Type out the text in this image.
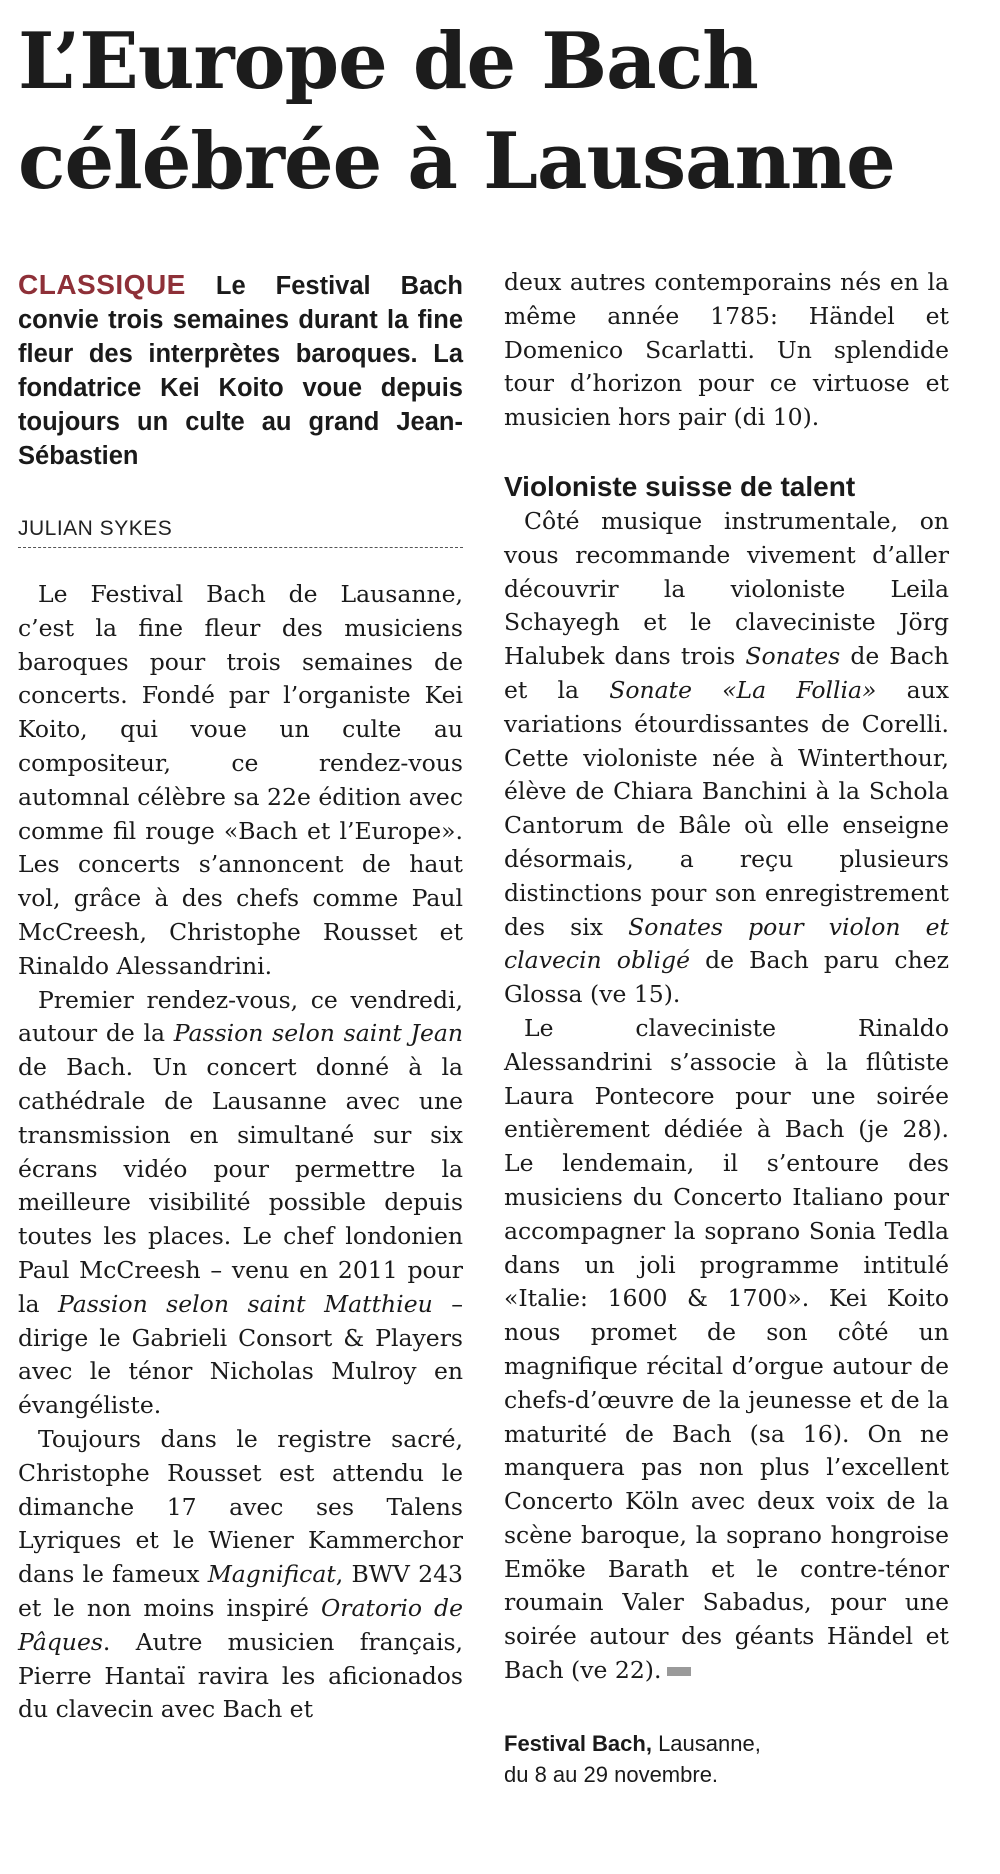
L’Europe de Bach
célébrée à Lausanne

CLASSIQUE Le Festival Bach convie trois semaines durant la fine fleur des interprètes baroques. La fondatrice Kei Koito voue depuis toujours un culte au grand Jean-Sébastien

JULIAN SYKES

Le Festival Bach de Lausanne, c’est la fine fleur des musiciens baroques pour trois semaines de concerts. Fondé par l’organiste Kei Koito, qui voue un culte au compositeur, ce rendez-vous automnal célèbre sa 22e édition avec comme fil rouge «Bach et l’Europe». Les concerts s’annoncent de haut vol, grâce à des chefs comme Paul McCreesh, Christophe Rousset et Rinaldo Alessandrini.

Premier rendez-vous, ce vendredi, autour de la Passion selon saint Jean de Bach. Un concert donné à la cathédrale de Lausanne avec une transmission en simultané sur six écrans vidéo pour permettre la meilleure visibilité possible depuis toutes les places. Le chef londonien Paul McCreesh – venu en 2011 pour la Passion selon saint Matthieu – dirige le Gabrieli Consort & Players avec le ténor Nicholas Mulroy en évangéliste.

Toujours dans le registre sacré, Christophe Rousset est attendu le dimanche 17 avec ses Talens Lyriques et le Wiener Kammerchor dans le fameux Magnificat, BWV 243 et le non moins inspiré Oratorio de Pâques. Autre musicien français, Pierre Hantaï ravira les aficionados du clavecin avec Bach et

deux autres contemporains nés en la même année 1785: Händel et Domenico Scarlatti. Un splendide tour d’horizon pour ce virtuose et musicien hors pair (di 10).

Violoniste suisse de talent

Côté musique instrumentale, on vous recommande vivement d’aller découvrir la violoniste Leila Schayegh et le claveciniste Jörg Halubek dans trois Sonates de Bach et la Sonate «La Follia» aux variations étourdissantes de Corelli. Cette violoniste née à Winterthour, élève de Chiara Banchini à la Schola Cantorum de Bâle où elle enseigne désormais, a reçu plusieurs distinctions pour son enregistrement des six Sonates pour violon et clavecin obligé de Bach paru chez Glossa (ve 15).

Le claveciniste Rinaldo Alessandrini s’associe à la flûtiste Laura Pontecore pour une soirée entièrement dédiée à Bach (je 28). Le lendemain, il s’entoure des musiciens du Concerto Italiano pour accompagner la soprano Sonia Tedla dans un joli programme intitulé «Italie: 1600 & 1700». Kei Koito nous promet de son côté un magnifique récital d’orgue autour de chefs-d’œuvre de la jeunesse et de la maturité de Bach (sa 16). On ne manquera pas non plus l’excellent Concerto Köln avec deux voix de la scène baroque, la soprano hongroise Emöke Barath et le contre-ténor roumain Valer Sabadus, pour une soirée autour des géants Händel et Bach (ve 22).

Festival Bach, Lausanne,
du 8 au 29 novembre.
